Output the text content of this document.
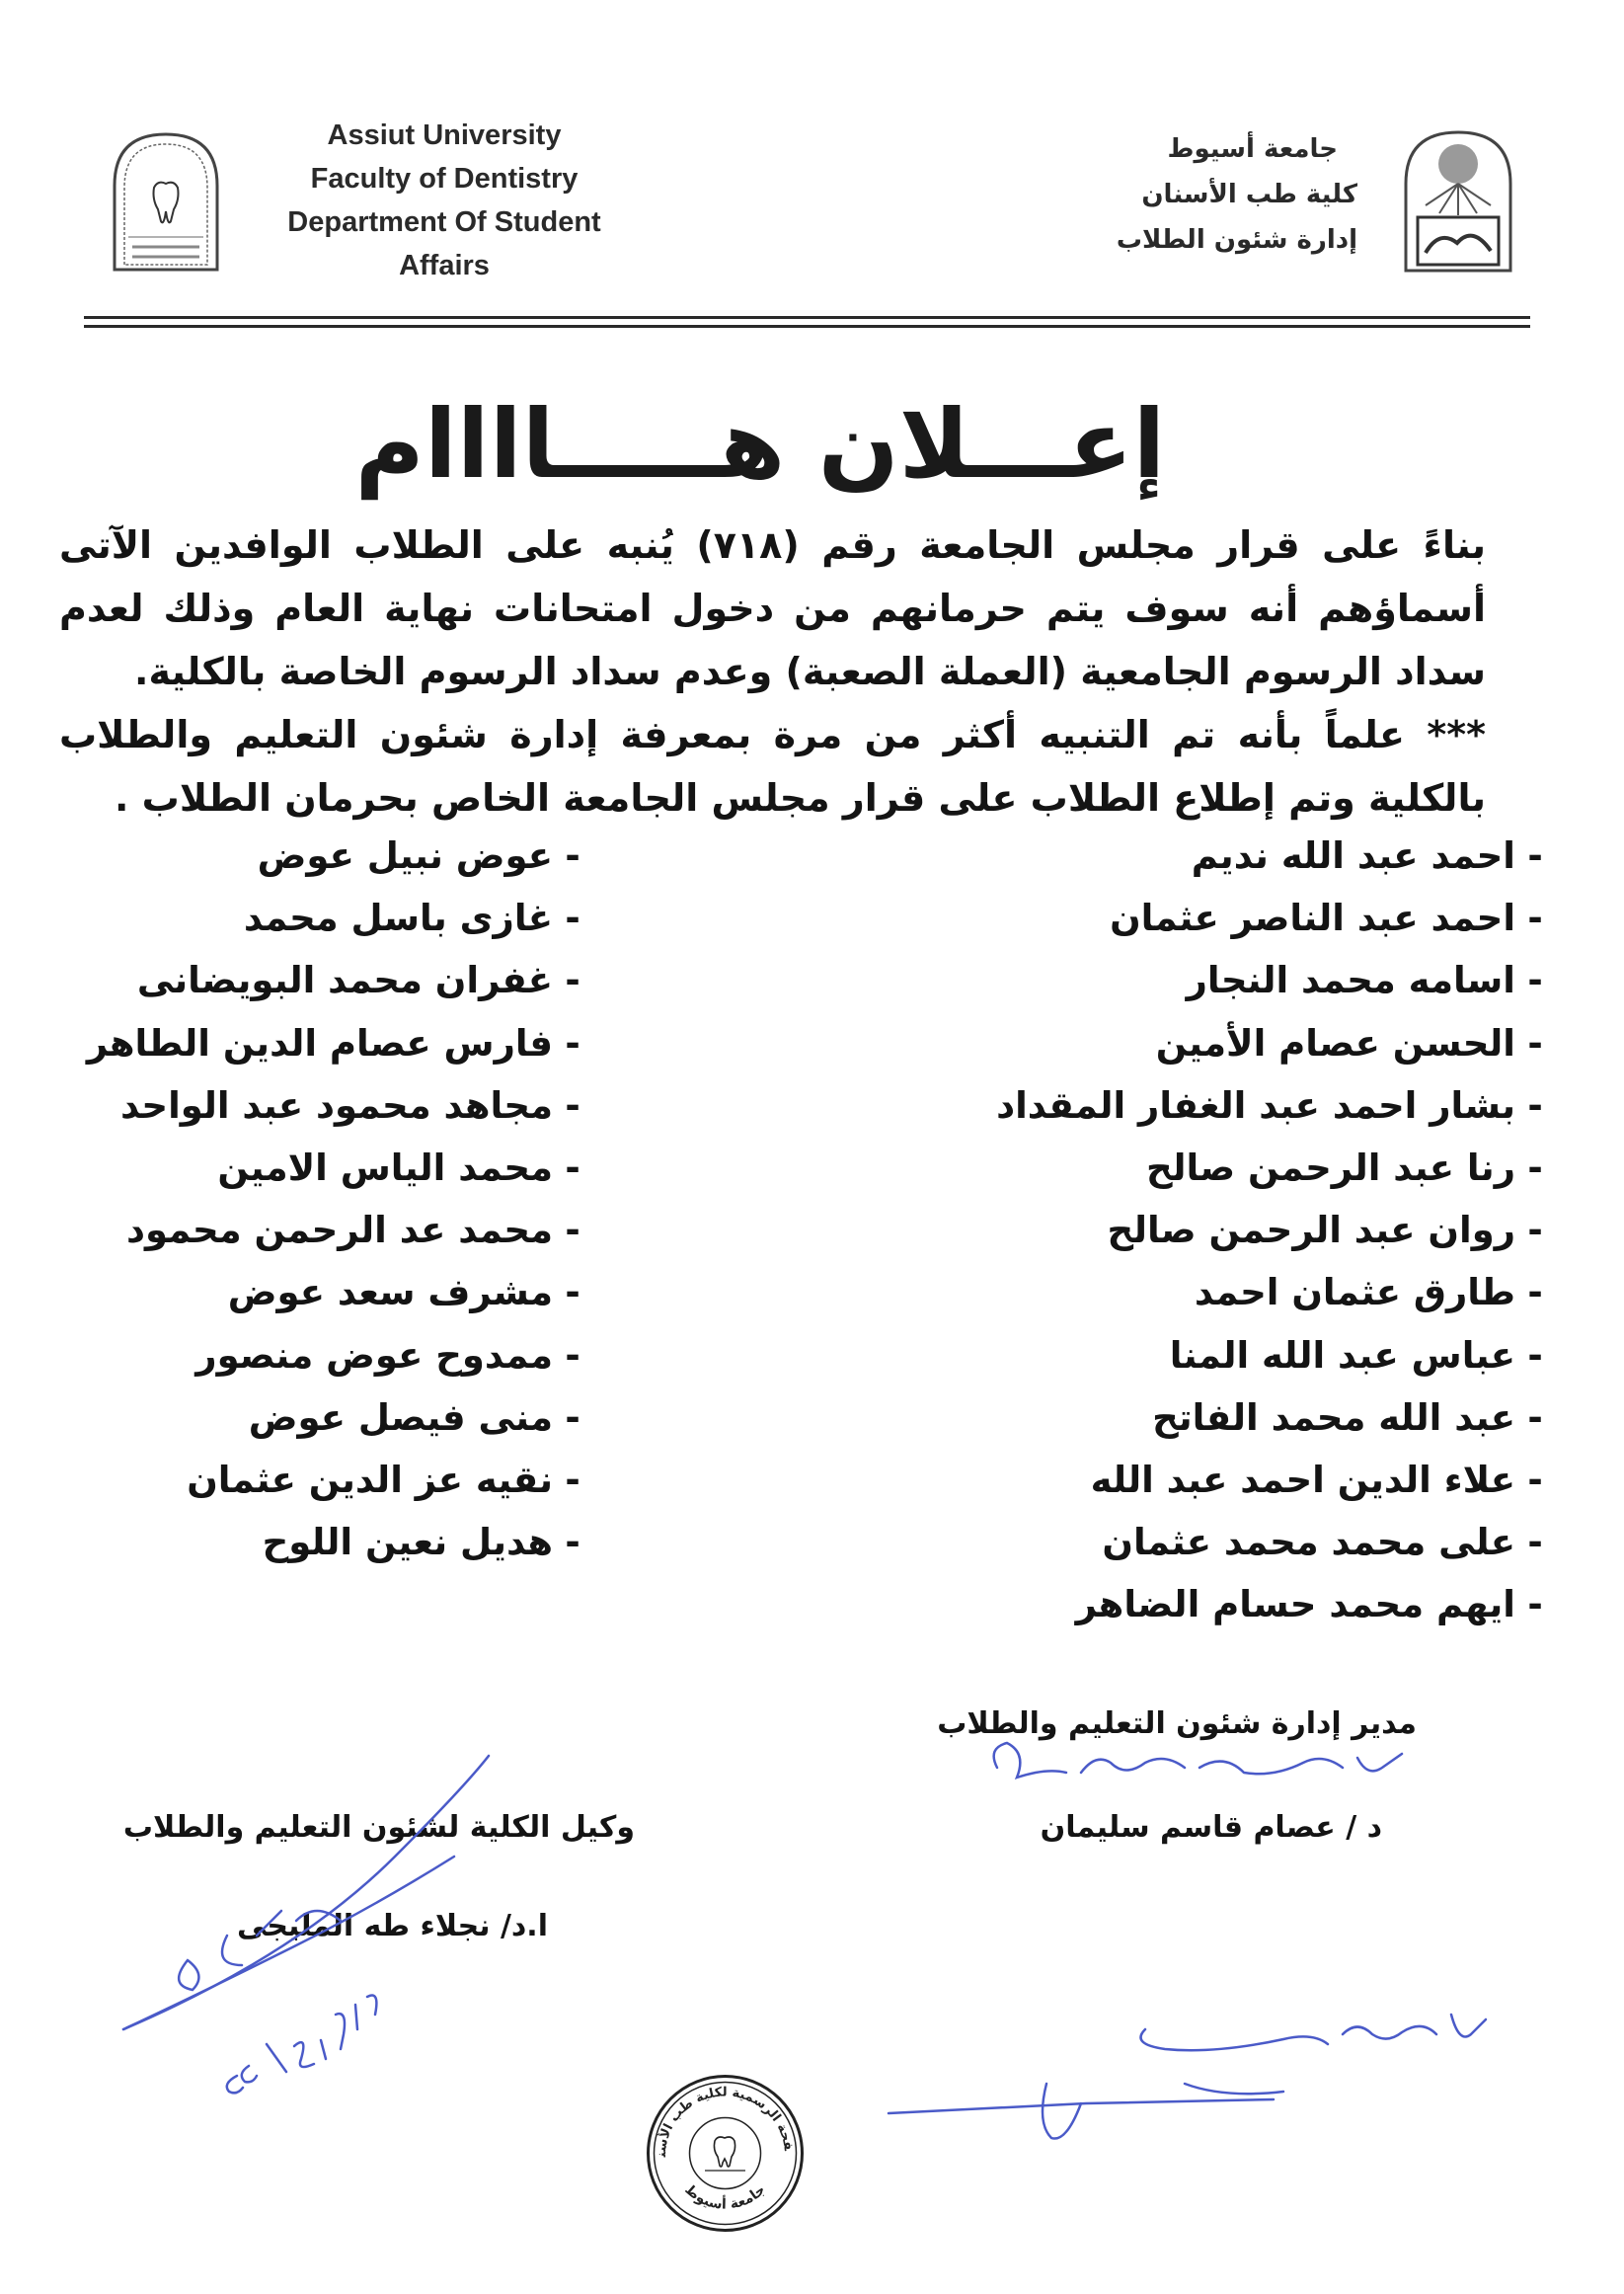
Assiut University
Faculty of Dentistry
Department Of Student
Affairs
جامعة أسيوط
كلية طب الأسنان
إدارة شئون الطلاب
إعـــلان هـــــاااام

بناءً على قرار مجلس الجامعة رقم (٧١٨) يُنبه على الطلاب الوافدين الآتى أسماؤهم أنه سوف يتم حرمانهم من دخول امتحانات نهاية العام وذلك لعدم سداد الرسوم الجامعية (العملة الصعبة) وعدم سداد الرسوم الخاصة بالكلية.

*** علماً بأنه تم التنبيه أكثر من مرة بمعرفة إدارة شئون التعليم والطلاب بالكلية وتم إطلاع الطلاب على قرار مجلس الجامعة الخاص بحرمان الطلاب .

-
احمد عبد الله نديم
-
احمد عبد الناصر عثمان
-
اسامه محمد النجار
-
الحسن عصام الأمين
-
بشار احمد عبد الغفار المقداد
-
رنا عبد الرحمن صالح
-
روان عبد الرحمن صالح
-
طارق عثمان احمد
-
عباس عبد الله المنا
-
عبد الله محمد الفاتح
-
علاء الدين احمد عبد الله
-
على محمد محمد عثمان
-
ايهم محمد حسام الضاهر
-
عوض نبيل عوض
-
غازى باسل محمد
-
غفران محمد البويضانى
-
فارس عصام الدين الطاهر
-
مجاهد محمود عبد الواحد
-
محمد الياس الامين
-
محمد عد الرحمن محمود
-
مشرف سعد عوض
-
ممدوح عوض منصور
-
منى فيصل عوض
-
نقيه عز الدين عثمان
-
هديل نعين اللوح
مدير إدارة شئون التعليم والطلاب
د / عصام قاسم سليمان
وكيل الكلية لشئون التعليم والطلاب
ا.د/ نجلاء طه المليجى
فحة الرسمية لكلية طب الأسنان
جامعة أسيوط
